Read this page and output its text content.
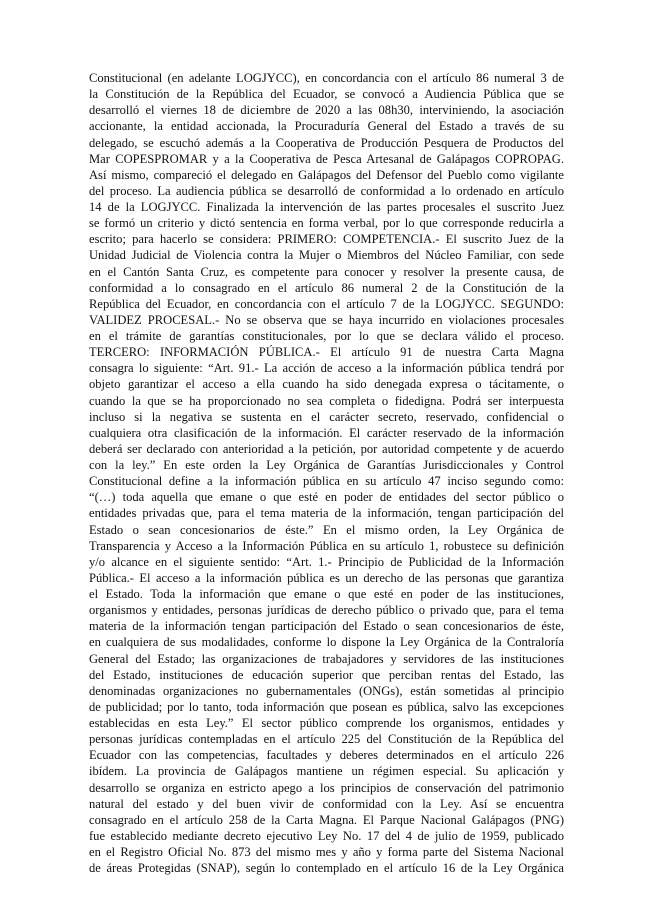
Constitucional (en adelante LOGJYCC), en concordancia con el artículo 86 numeral 3 de
la Constitución de la República del Ecuador, se convocó a Audiencia Pública que se
desarrolló el viernes 18 de diciembre de 2020 a las 08h30, interviniendo, la asociación
accionante, la entidad accionada, la Procuraduría General del Estado a través de su
delegado, se escuchó además a la Cooperativa de Producción Pesquera de Productos del
Mar COPESPROMAR y a la Cooperativa de Pesca Artesanal de Galápagos COPROPAG.
Así mismo, compareció el delegado en Galápagos del Defensor del Pueblo como vigilante
del proceso. La audiencia pública se desarrolló de conformidad a lo ordenado en artículo
14 de la LOGJYCC. Finalizada la intervención de las partes procesales el suscrito Juez
se formó un criterio y dictó sentencia en forma verbal, por lo que corresponde reducirla a
escrito; para hacerlo se considera: PRIMERO: COMPETENCIA.- El suscrito Juez de la
Unidad Judicial de Violencia contra la Mujer o Miembros del Núcleo Familiar, con sede
en el Cantón Santa Cruz, es competente para conocer y resolver la presente causa, de
conformidad a lo consagrado en el artículo 86 numeral 2 de la Constitución de la
República del Ecuador, en concordancia con el artículo 7 de la LOGJYCC. SEGUNDO:
VALIDEZ PROCESAL.- No se observa que se haya incurrido en violaciones procesales
en el trámite de garantías constitucionales, por lo que se declara válido el proceso.
TERCERO: INFORMACIÓN PÚBLICA.- El artículo 91 de nuestra Carta Magna
consagra lo siguiente: “Art. 91.- La acción de acceso a la información pública tendrá por
objeto garantizar el acceso a ella cuando ha sido denegada expresa o tácitamente, o
cuando la que se ha proporcionado no sea completa o fidedigna. Podrá ser interpuesta
incluso si la negativa se sustenta en el carácter secreto, reservado, confidencial o
cualquiera otra clasificación de la información. El carácter reservado de la información
deberá ser declarado con anterioridad a la petición, por autoridad competente y de acuerdo
con la ley.” En este orden la Ley Orgánica de Garantías Jurisdiccionales y Control
Constitucional define a la información pública en su artículo 47 inciso segundo como:
“(…) toda aquella que emane o que esté en poder de entidades del sector público o
entidades privadas que, para el tema materia de la información, tengan participación del
Estado o sean concesionarios de éste.” En el mismo orden, la Ley Orgánica de
Transparencia y Acceso a la Información Pública en su artículo 1, robustece su definición
y/o alcance en el siguiente sentido: “Art. 1.- Principio de Publicidad de la Información
Pública.- El acceso a la información pública es un derecho de las personas que garantiza
el Estado. Toda la información que emane o que esté en poder de las instituciones,
organismos y entidades, personas jurídicas de derecho público o privado que, para el tema
materia de la información tengan participación del Estado o sean concesionarios de éste,
en cualquiera de sus modalidades, conforme lo dispone la Ley Orgánica de la Contraloría
General del Estado; las organizaciones de trabajadores y servidores de las instituciones
del Estado, instituciones de educación superior que perciban rentas del Estado, las
denominadas organizaciones no gubernamentales (ONGs), están sometidas al principio
de publicidad; por lo tanto, toda información que posean es pública, salvo las excepciones
establecidas en esta Ley.” El sector público comprende los organismos, entidades y
personas jurídicas contempladas en el artículo 225 del Constitución de la República del
Ecuador con las competencias, facultades y deberes determinados en el artículo 226
ibídem. La provincia de Galápagos mantiene un régimen especial. Su aplicación y
desarrollo se organiza en estricto apego a los principios de conservación del patrimonio
natural del estado y del buen vivir de conformidad con la Ley. Así se encuentra
consagrado en el artículo 258 de la Carta Magna. El Parque Nacional Galápagos (PNG)
fue establecido mediante decreto ejecutivo Ley No. 17 del 4 de julio de 1959, publicado
en el Registro Oficial No. 873 del mismo mes y año y forma parte del Sistema Nacional
de áreas Protegidas (SNAP), según lo contemplado en el artículo 16 de la Ley Orgánica
